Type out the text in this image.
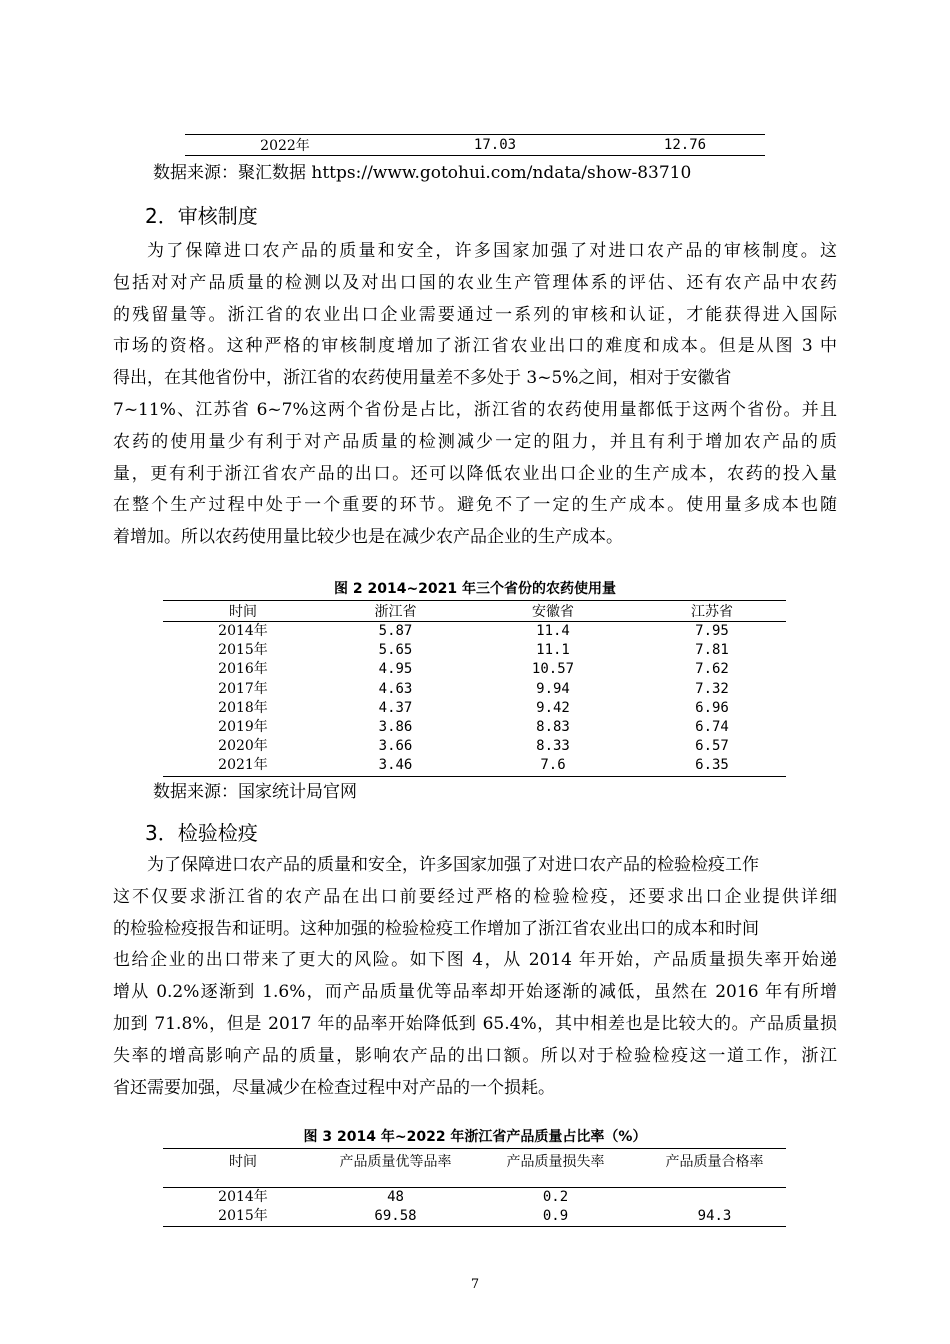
2022年	17.03	12.76
数据来源：聚汇数据 https://www.gotohui.com/ndata/show-83710
2．审核制度
为了保障进口农产品的质量和安全，许多国家加强了对进口农产品的审核制度。这
包括对对产品质量的检测以及对出口国的农业生产管理体系的评估、还有农产品中农药
的残留量等。浙江省的农业出口企业需要通过一系列的审核和认证，才能获得进入国际
市场的资格。这种严格的审核制度增加了浙江省农业出口的难度和成本。但是从图 3 中
得出，在其他省份中，浙江省的农药使用量差不多处于 3~5%之间，相对于安徽省
7~11%、江苏省 6~7%这两个省份是占比，浙江省的农药使用量都低于这两个省份。并且
农药的使用量少有利于对产品质量的检测减少一定的阻力，并且有利于增加农产品的质
量，更有利于浙江省农产品的出口。还可以降低农业出口企业的生产成本，农药的投入量
在整个生产过程中处于一个重要的环节。避免不了一定的生产成本。使用量多成本也随
着增加。所以农药使用量比较少也是在减少农产品企业的生产成本。
图 2 2014~2021 年三个省份的农药使用量
时间	浙江省	安徽省	江苏省
2014年	5.87	11.4	7.95
2015年	5.65	11.1	7.81
2016年	4.95	10.57	7.62
2017年	4.63	9.94	7.32
2018年	4.37	9.42	6.96
2019年	3.86	8.83	6.74
2020年	3.66	8.33	6.57
2021年	3.46	7.6	6.35
数据来源：国家统计局官网
3．检验检疫
为了保障进口农产品的质量和安全，许多国家加强了对进口农产品的检验检疫工作
这不仅要求浙江省的农产品在出口前要经过严格的检验检疫，还要求出口企业提供详细
的检验检疫报告和证明。这种加强的检验检疫工作增加了浙江省农业出口的成本和时间
也给企业的出口带来了更大的风险。如下图 4，从 2014 年开始，产品质量损失率开始递
增从 0.2%逐渐到 1.6%，而产品质量优等品率却开始逐渐的减低，虽然在 2016 年有所增
加到 71.8%，但是 2017 年的品率开始降低到 65.4%，其中相差也是比较大的。产品质量损
失率的增高影响产品的质量，影响农产品的出口额。所以对于检验检疫这一道工作，浙江
省还需要加强，尽量减少在检查过程中对产品的一个损耗。
图 3 2014 年~2022 年浙江省产品质量占比率（%）
时间	产品质量优等品率	产品质量损失率	产品质量合格率
2014年	48	0.2	
2015年	69.58	0.9	94.3
7
